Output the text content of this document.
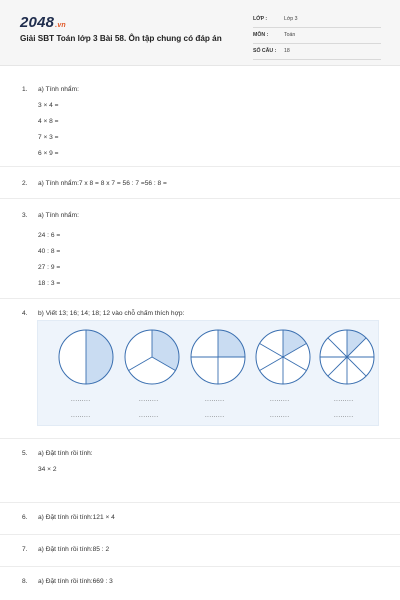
2048.vn
Giải SBT Toán lớp 3 Bài 58. Ôn tập chung có đáp án
LỚP :	Lớp 3
MÔN :	Toán
SỐ CÂU : 18
1. a) Tính nhẩm:
3 × 4 =
4 × 8 =
7 × 3 =
6 × 9 =
2. a) Tính nhẩm:7 x 8 = 8 x 7 = 56 : 7 =56 : 8 =
3. a) Tính nhẩm:
24 : 6 =
40 : 8 =
27 : 9 =
18 : 3 =
4. b) Viết 13; 16; 14; 18; 12 vào chỗ chấm thích hợp:
.........
.........
.........
.........
.........
.........
.........
.........
.........
.........
5. a) Đặt tính rồi tính:
34 × 2
6. a) Đặt tính rồi tính:121 × 4
7. a) Đặt tính rồi tính:85 : 2
8. a) Đặt tính rồi tính:669 : 3
